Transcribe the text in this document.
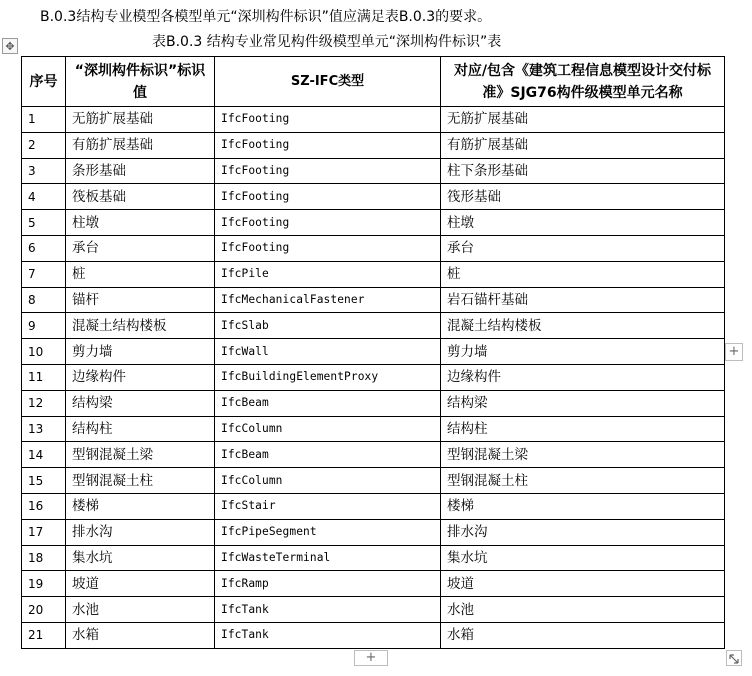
B.0.3结构专业模型各模型单元“深圳构件标识”值应满足表B.0.3的要求。
✥	表B.0.3 结构专业常见构件级模型单元“深圳构件标识”表
序号	“深圳构件标识”标识值	SZ-IFC类型	对应/包含《建筑工程信息模型设计交付标准》SJG76构件级模型单元名称
1	无筋扩展基础	IfcFooting	无筋扩展基础
2	有筋扩展基础	IfcFooting	有筋扩展基础
3	条形基础	IfcFooting	柱下条形基础
4	筏板基础	IfcFooting	筏形基础
5	柱墩	IfcFooting	柱墩
6	承台	IfcFooting	承台
7	桩	IfcPile	桩
8	锚杆	IfcMechanicalFastener	岩石锚杆基础
9	混凝土结构楼板	IfcSlab	混凝土结构楼板
10	剪力墙	IfcWall	剪力墙
11	边缘构件	IfcBuildingElementProxy	边缘构件
12	结构梁	IfcBeam	结构梁
13	结构柱	IfcColumn	结构柱
14	型钢混凝土梁	IfcBeam	型钢混凝土梁
15	型钢混凝土柱	IfcColumn	型钢混凝土柱
16	楼梯	IfcStair	楼梯
17	排水沟	IfcPipeSegment	排水沟
18	集水坑	IfcWasteTerminal	集水坑
19	坡道	IfcRamp	坡道
20	水池	IfcTank	水池
21	水箱	IfcTank	水箱
+
+
